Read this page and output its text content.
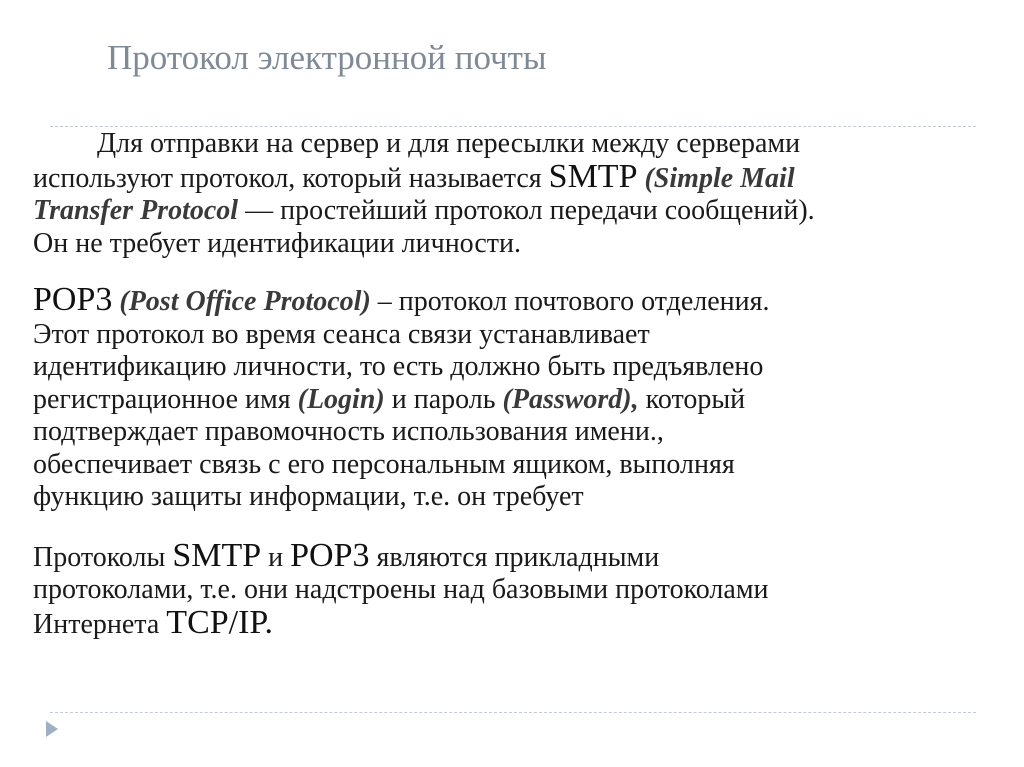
Протокол электронной почты
Для отправки на сервер и для пересылки между серверами
используют протокол, который называется SMTP (Simple Mail
Transfer Protocol — простейший протокол передачи сообщений).
Он не требует идентификации личности.
POP3 (Post Office Protocol) – протокол почтового отделения.
Этот протокол во время сеанса связи устанавливает
идентификацию личности, то есть должно быть предъявлено
регистрационное имя (Login) и пароль (Password), который
подтверждает правомочность использования имени.,
обеспечивает связь с его персональным ящиком, выполняя
функцию защиты информации, т.е. он требует
Протоколы SMTP и POP3 являются прикладными
протоколами, т.е. они надстроены над базовыми протоколами
Интернета TCP/IP.
